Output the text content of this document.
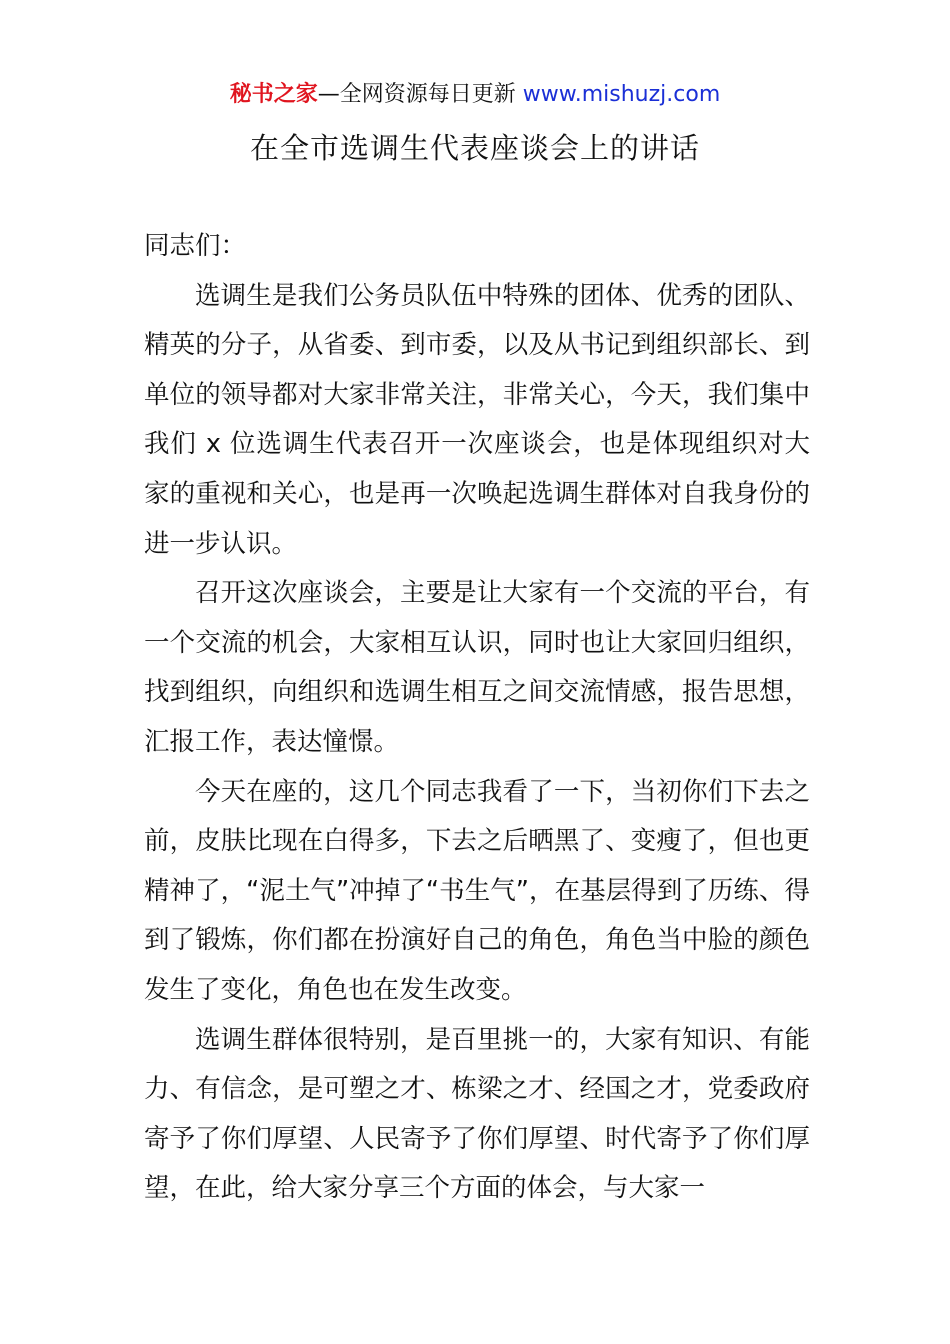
秘书之家—全网资源每日更新 www.mishuzj.com
在全市选调生代表座谈会上的讲话

同志们：

选调生是我们公务员队伍中特殊的团体、优秀的团队、精英的分子，从省委、到市委，以及从书记到组织部长、到单位的领导都对大家非常关注，非常关心，今天，我们集中我们 x 位选调生代表召开一次座谈会，也是体现组织对大家的重视和关心，也是再一次唤起选调生群体对自我身份的进一步认识。

召开这次座谈会，主要是让大家有一个交流的平台，有一个交流的机会，大家相互认识，同时也让大家回归组织，找到组织，向组织和选调生相互之间交流情感，报告思想，汇报工作，表达憧憬。

今天在座的，这几个同志我看了一下，当初你们下去之前，皮肤比现在白得多，下去之后晒黑了、变瘦了，但也更精神了，“泥土气”冲掉了“书生气”，在基层得到了历练、得到了锻炼，你们都在扮演好自己的角色，角色当中脸的颜色发生了变化，角色也在发生改变。

选调生群体很特别，是百里挑一的，大家有知识、有能力、有信念，是可塑之才、栋梁之才、经国之才，党委政府寄予了你们厚望、人民寄予了你们厚望、时代寄予了你们厚望，在此，给大家分享三个方面的体会，与大家一
